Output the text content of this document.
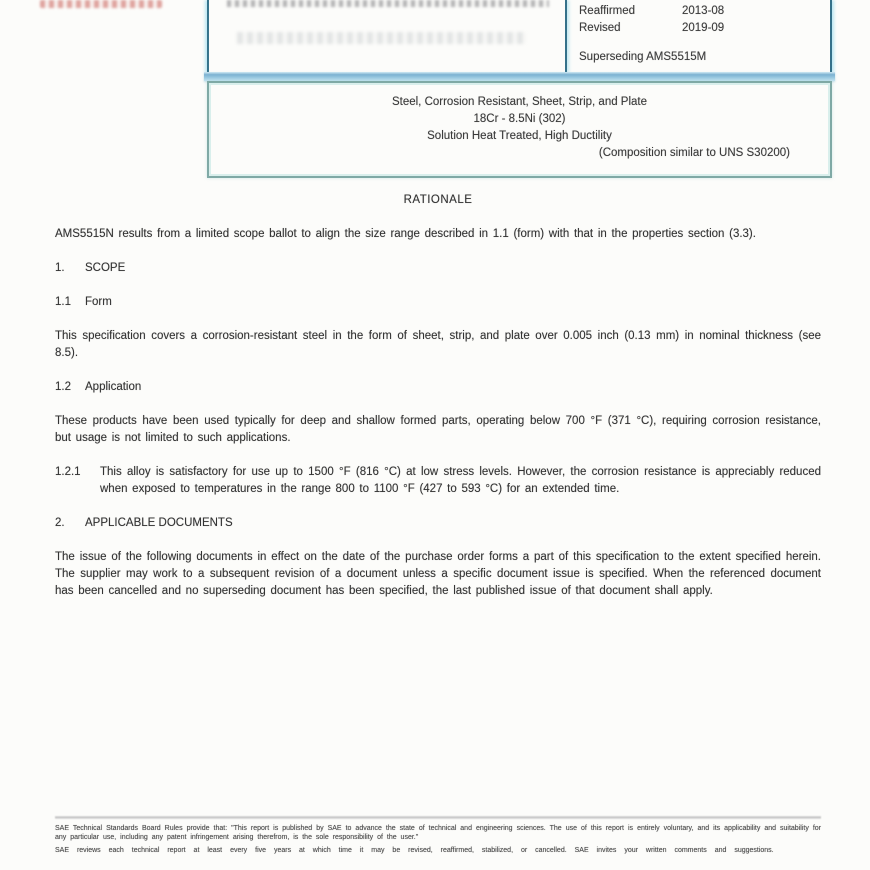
Reaffirmed	2013-08
Revised	2019-09
Superseding AMS5515M
Steel, Corrosion Resistant, Sheet, Strip, and Plate
18Cr - 8.5Ni (302)
Solution Heat Treated, High Ductility
(Composition similar to UNS S30200)
RATIONALE

AMS5515N results from a limited scope ballot to align the size range described in 1.1 (form) with that in the properties section (3.3).

1. SCOPE
1.1 Form

This specification covers a corrosion-resistant steel in the form of sheet, strip, and plate over 0.005 inch (0.13 mm) in nominal thickness (see 8.5).

1.2 Application

These products have been used typically for deep and shallow formed parts, operating below 700 °F (371 °C), requiring corrosion resistance, but usage is not limited to such applications.

1.2.1 This alloy is satisfactory for use up to 1500 °F (816 °C) at low stress levels. However, the corrosion resistance is appreciably reduced when exposed to temperatures in the range 800 to 1100 °F (427 to 593 °C) for an extended time.
2. APPLICABLE DOCUMENTS

The issue of the following documents in effect on the date of the purchase order forms a part of this specification to the extent specified herein. The supplier may work to a subsequent revision of a document unless a specific document issue is specified. When the referenced document has been cancelled and no superseding document has been specified, the last published issue of that document shall apply.

SAE Technical Standards Board Rules provide that: "This report is published by SAE to advance the state of technical and engineering sciences. The use of this report is entirely voluntary, and its applicability and suitability for any particular use, including any patent infringement arising therefrom, is the sole responsibility of the user."

SAE reviews each technical report at least every five years at which time it may be revised, reaffirmed, stabilized, or cancelled. SAE invites your written comments and suggestions.
